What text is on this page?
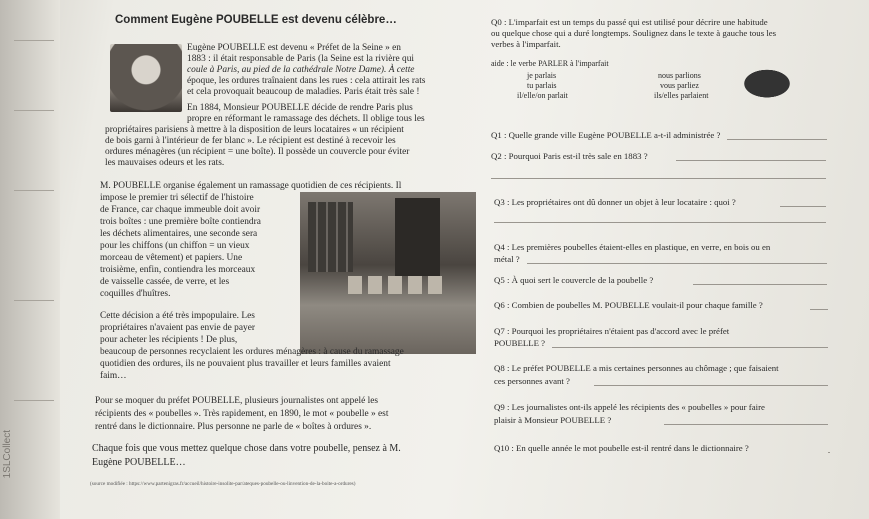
1SLCollect
Comment Eugène POUBELLE est devenu célèbre…
Eugène POUBELLE est devenu « Préfet de la Seine » en
1883 : il était responsable de Paris (la Seine est la rivière qui
coule à Paris, au pied de la cathédrale Notre Dame). À cette
époque, les ordures traînaient dans les rues : cela attirait les rats
et cela provoquait beaucoup de maladies. Paris était très sale !
En 1884, Monsieur POUBELLE décide de rendre Paris plus
propre en réformant le ramassage des déchets. Il oblige tous les
propriétaires parisiens à mettre à la disposition de leurs locataires « un récipient
de bois garni à l'intérieur de fer blanc ». Le récipient est destiné à recevoir les
ordures ménagères (un récipient = une boîte). Il possède un couvercle pour éviter
les mauvaises odeurs et les rats.
M. POUBELLE organise également un ramassage quotidien de ces récipients. Il
impose le premier tri sélectif de l'histoire
de France, car chaque immeuble doit avoir
trois boîtes : une première boîte contiendra
les déchets alimentaires, une seconde sera
pour les chiffons (un chiffon = un vieux
morceau de vêtement) et papiers. Une
troisième, enfin, contiendra les morceaux
de vaisselle cassée, de verre, et les
coquilles d'huîtres.
Cette décision a été très impopulaire. Les
propriétaires n'avaient pas envie de payer
pour acheter les récipients ! De plus,
beaucoup de personnes recyclaient les ordures ménagères : à cause du ramassage
quotidien des ordures, ils ne pouvaient plus travailler et leurs familles avaient
faim…
Pour se moquer du préfet POUBELLE, plusieurs journalistes ont appelé les
récipients des « poubelles ». Très rapidement, en 1890, le mot « poubelle » est
rentré dans le dictionnaire. Plus personne ne parle de « boîtes à ordures ».
Chaque fois que vous mettez quelque chose dans votre poubelle, pensez à M.
Eugène POUBELLE…
(source modifiée : https://www.partenigras.fr/accueil/histoire-insolite-par/ateques-poubelle-ou-linvention-de-la-boite-a-ordures)
Q0 : L'imparfait est un temps du passé qui est utilisé pour décrire une habitude
ou quelque chose qui a duré longtemps. Soulignez dans le texte à gauche tous les
verbes à l'imparfait.
aide : le verbe PARLER à l'imparfait
je parlais	nous parlions
tu parlais	vous parliez
il/elle/on parlait	ils/elles parlaient
Q1 : Quelle grande ville Eugène POUBELLE a-t-il administrée ?
Q2 : Pourquoi Paris est-il très sale en 1883 ?
Q3 : Les propriétaires ont dû donner un objet à leur locataire : quoi ?
Q4 : Les premières poubelles étaient-elles en plastique, en verre, en bois ou en
métal ?
Q5 : À quoi sert le couvercle de la poubelle ?
Q6 : Combien de poubelles M. POUBELLE voulait-il pour chaque famille ?
Q7 : Pourquoi les propriétaires n'étaient pas d'accord avec le préfet
POUBELLE ?
Q8 : Le préfet POUBELLE a mis certaines personnes au chômage ; que faisaient
ces personnes avant ?
Q9 : Les journalistes ont-ils appelé les récipients des « poubelles » pour faire
plaisir à Monsieur POUBELLE ?
Q10 : En quelle année le mot poubelle est-il rentré dans le dictionnaire ?
